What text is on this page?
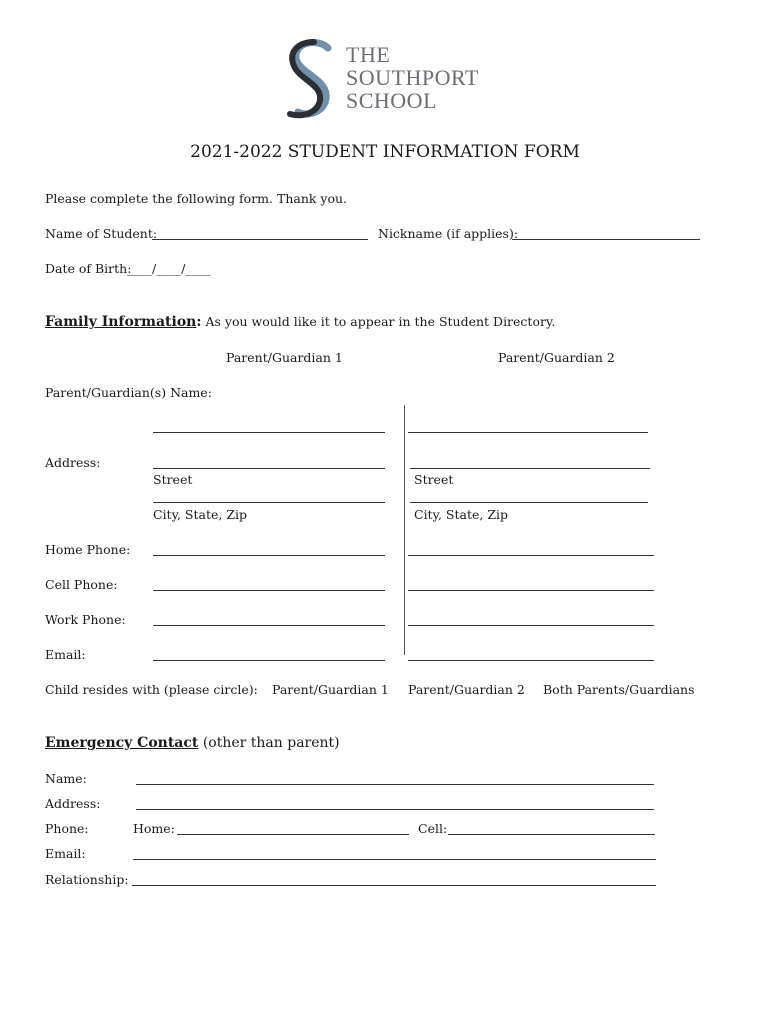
THE
SOUTHPORT
SCHOOL
2021-2022 STUDENT INFORMATION FORM
Please complete the following form. Thank you.
Name of Student:	Nickname (if applies):
Date of Birth:
____/____/____
Family Information: As you would like it to appear in the Student Directory.
Parent/Guardian 1	Parent/Guardian 2
Parent/Guardian(s) Name:
Address:
Street	Street
City, State, Zip	City, State, Zip
Home Phone:
Cell Phone:
Work Phone:
Email:
Child resides with (please circle): Parent/Guardian 1 Parent/Guardian 2 Both Parents/Guardians
Emergency Contact (other than parent)
Name:
Address:
Phone:	Home:	Cell:
Email:
Relationship:
